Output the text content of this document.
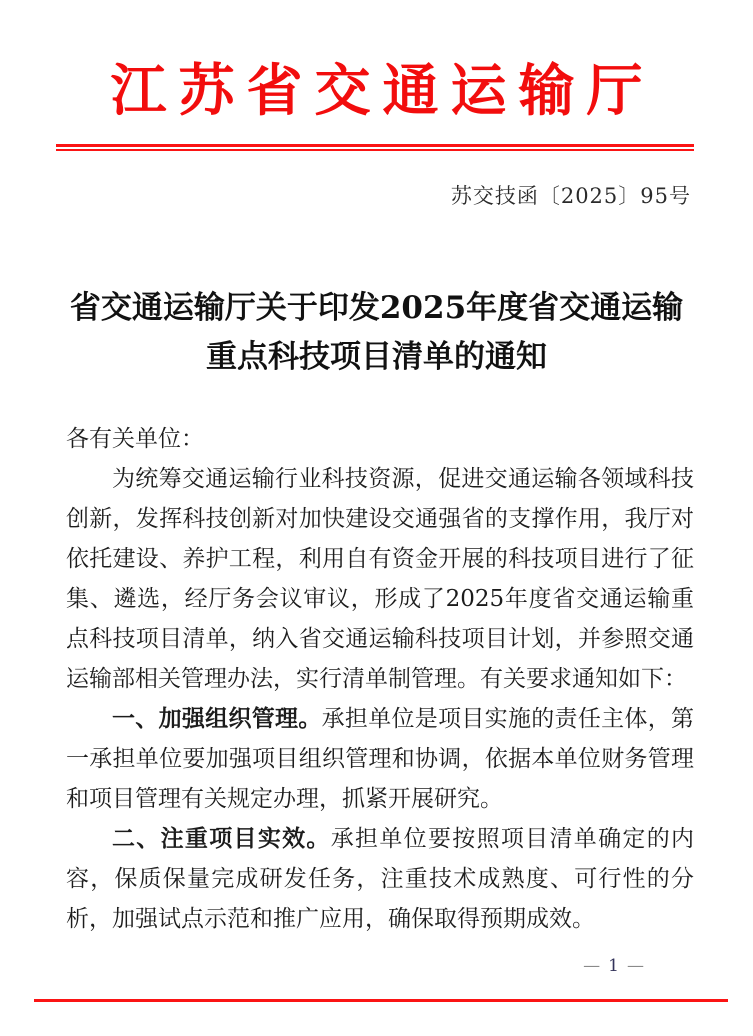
江苏省交通运输厅
苏交技函〔2025〕95号
省交通运输厅关于印发2025年度省交通运输
重点科技项目清单的通知

各有关单位：

为统筹交通运输行业科技资源，促进交通运输各领域科技创新，发挥科技创新对加快建设交通强省的支撑作用，我厅对依托建设、养护工程，利用自有资金开展的科技项目进行了征集、遴选，经厅务会议审议，形成了2025年度省交通运输重点科技项目清单，纳入省交通运输科技项目计划，并参照交通运输部相关管理办法，实行清单制管理。有关要求通知如下：

一、加强组织管理。承担单位是项目实施的责任主体，第一承担单位要加强项目组织管理和协调，依据本单位财务管理和项目管理有关规定办理，抓紧开展研究。

二、注重项目实效。承担单位要按照项目清单确定的内容，保质保量完成研发任务，注重技术成熟度、可行性的分析，加强试点示范和推广应用，确保取得预期成效。

— 1 —
